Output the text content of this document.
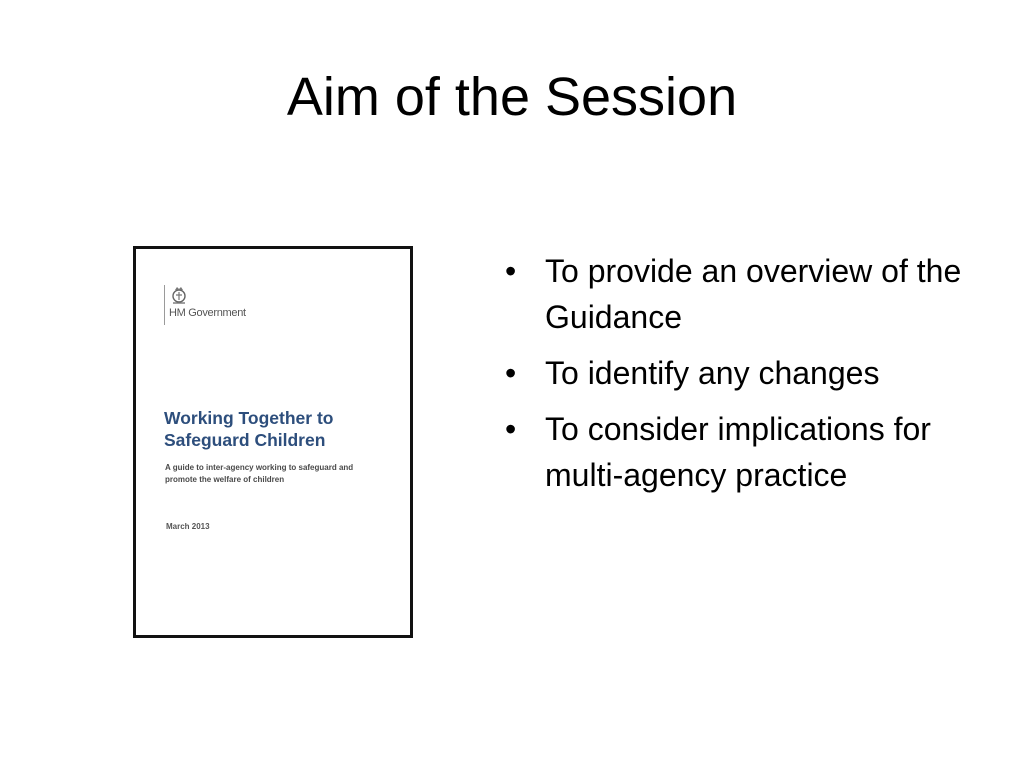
Aim of the Session
HM Government

Working Together to Safeguard Children

A guide to inter-agency working to safeguard and promote the welfare of children

March 2013
• To provide an overview of the Guidance
• To identify any changes
• To consider implications for multi-agency practice
